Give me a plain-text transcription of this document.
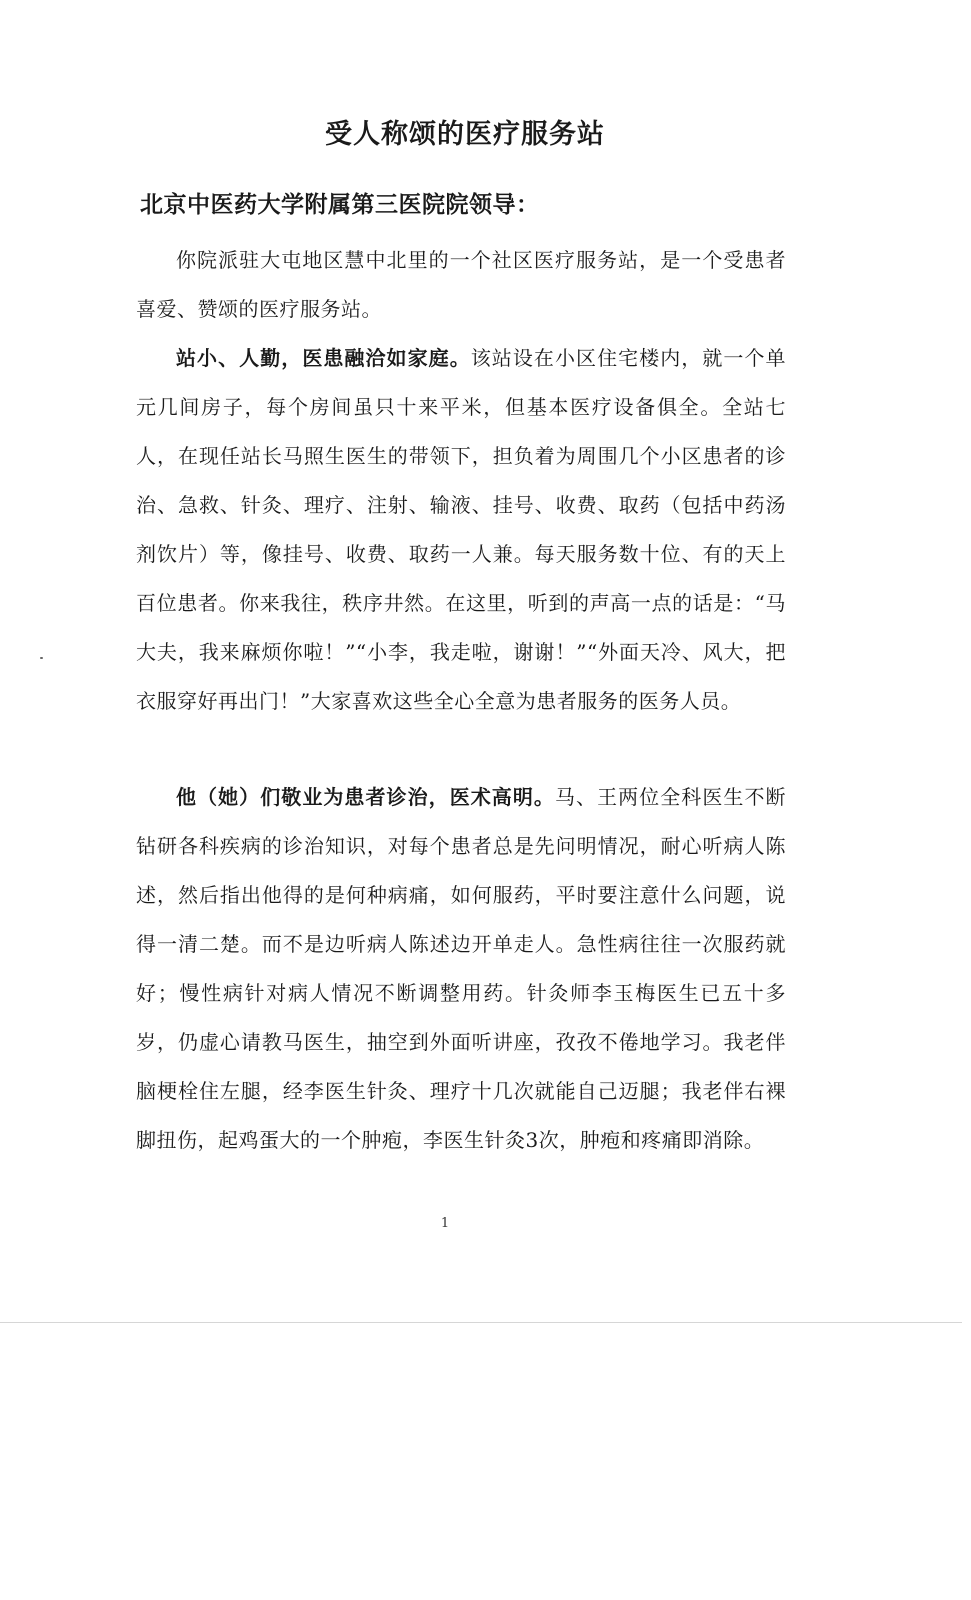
受人称颂的医疗服务站
北京中医药大学附属第三医院院领导：

你院派驻大屯地区慧中北里的一个社区医疗服务站，是一个受患者喜爱、赞颂的医疗服务站。

站小、人勤，医患融洽如家庭。该站设在小区住宅楼内，就一个单元几间房子，每个房间虽只十来平米，但基本医疗设备俱全。全站七人，在现任站长马照生医生的带领下，担负着为周围几个小区患者的诊治、急救、针灸、理疗、注射、输液、挂号、收费、取药（包括中药汤剂饮片）等，像挂号、收费、取药一人兼。每天服务数十位、有的天上百位患者。你来我往，秩序井然。在这里，听到的声高一点的话是：“马大夫，我来麻烦你啦！”“小李，我走啦，谢谢！”“外面天冷、风大，把衣服穿好再出门！”大家喜欢这些全心全意为患者服务的医务人员。

他（她）们敬业为患者诊治，医术高明。马、王两位全科医生不断钻研各科疾病的诊治知识，对每个患者总是先问明情况，耐心听病人陈述，然后指出他得的是何种病痛，如何服药，平时要注意什么问题，说得一清二楚。而不是边听病人陈述边开单走人。急性病往往一次服药就好；慢性病针对病人情况不断调整用药。针灸师李玉梅医生已五十多岁，仍虚心请教马医生，抽空到外面听讲座，孜孜不倦地学习。我老伴脑梗栓住左腿，经李医生针灸、理疗十几次就能自己迈腿；我老伴右裸脚扭伤，起鸡蛋大的一个肿疱，李医生针灸3次，肿疱和疼痛即消除。

1
